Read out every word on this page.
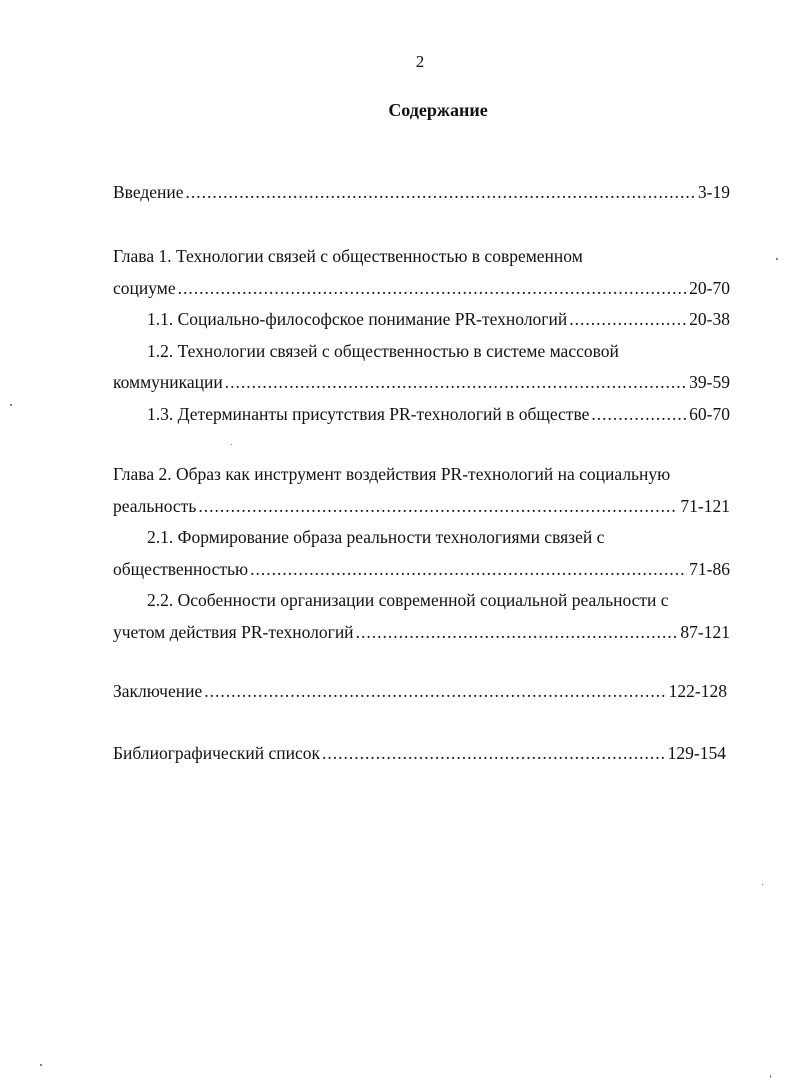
2
Содержание
Введение .....	3-19
Глава 1. Технологии связей с общественностью в современном
социуме .....	20-70
1.1. Социально-философское понимание PR-технологий .....	20-38
1.2. Технологии связей с общественностью в системе массовой
коммуникации .....	39-59
1.3. Детерминанты присутствия PR-технологий в обществе .....	60-70
Глава 2. Образ как инструмент воздействия PR-технологий на социальную
реальность .....	71-121
2.1. Формирование образа реальности технологиями связей с
общественностью .....	71-86
2.2. Особенности организации современной социальной реальности с
учетом действия PR-технологий .....	87-121
Заключение .....	122-128
Библиографический список .....	129-154
